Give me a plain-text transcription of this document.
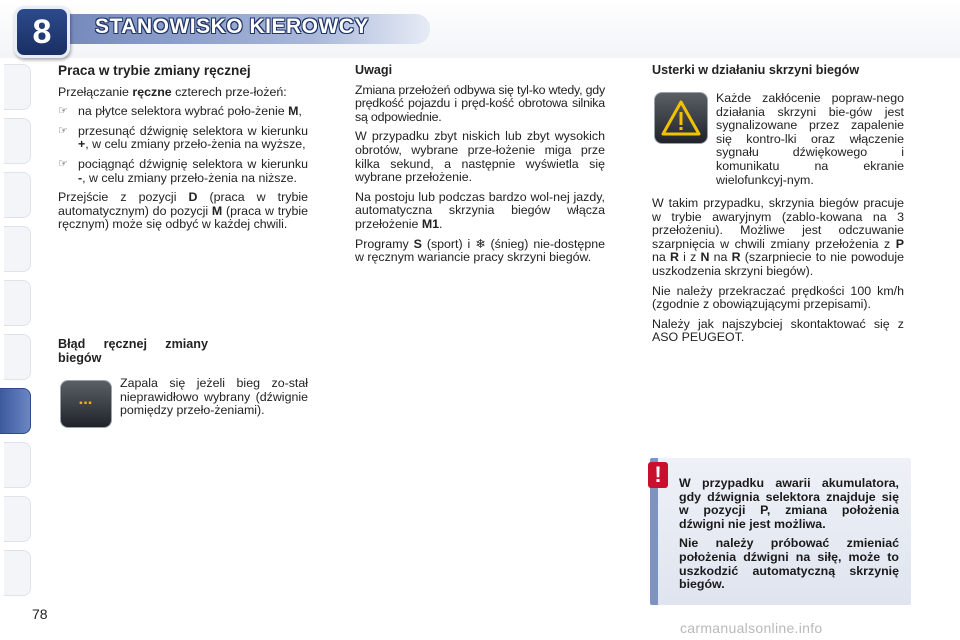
8	STANOWISKO KIEROWCY
Praca w trybie zmiany ręcznej

Przełączanie ręczne czterech prze-łożeń:

☞ na płytce selektora wybrać poło-żenie M,
☞ przesunąć dźwignię selektora w kierunku +, w celu zmiany przeło-żenia na wyższe,
☞ pociągnąć dźwignię selektora w kierunku -, w celu zmiany przeło-żenia na niższe.

Przejście z pozycji D (praca w trybie automatycznym) do pozycji M (praca w trybie ręcznym) może się odbyć w każdej chwili.

Błąd ręcznej zmiany biegów
▪▪▪

Zapala się jeżeli bieg zo-stał nieprawidłowo wybrany (dźwignie pomiędzy przeło-żeniami).

Uwagi

Zmiana przełożeń odbywa się tyl-ko wtedy, gdy prędkość pojazdu i pręd-kość obrotowa silnika są odpowiednie.

W przypadku zbyt niskich lub zbyt wysokich obrotów, wybrane prze-łożenie miga prze kilka sekund, a następnie wyświetla się wybrane przełożenie.

Na postoju lub podczas bardzo wol-nej jazdy, automatyczna skrzynia biegów włącza przełożenie M1.

Programy S (sport) i ❄ (śnieg) nie-dostępne w ręcznym wariancie pracy skrzyni biegów.

Usterki w działaniu skrzyni biegów

Każde zakłócenie popraw-nego działania skrzyni bie-gów jest sygnalizowane przez zapalenie się kontro-lki oraz włączenie sygnału dźwiękowego i komunikatu na ekranie wielofunkcyj-nym.

W takim przypadku, skrzynia biegów pracuje w trybie awaryjnym (zablo-kowana na 3 przełożeniu). Możliwe jest odczuwanie szarpnięcia w chwili zmiany przełożenia z P na R i z N na R (szarpniecie to nie powoduje uszkodzenia skrzyni biegów).

Nie należy przekraczać prędkości 100 km/h (zgodnie z obowiązującymi przepisami).

Należy jak najszybciej skontaktować się z ASO PEUGEOT.

!	W przypadku awarii akumulatora, gdy dźwignia selektora znajduje się w pozycji P, zmiana położenia dźwigni nie jest możliwa.

Nie należy próbować zmieniać położenia dźwigni na siłę, może to uszkodzić automatyczną skrzynię biegów.

78
carmanualsonline.info
